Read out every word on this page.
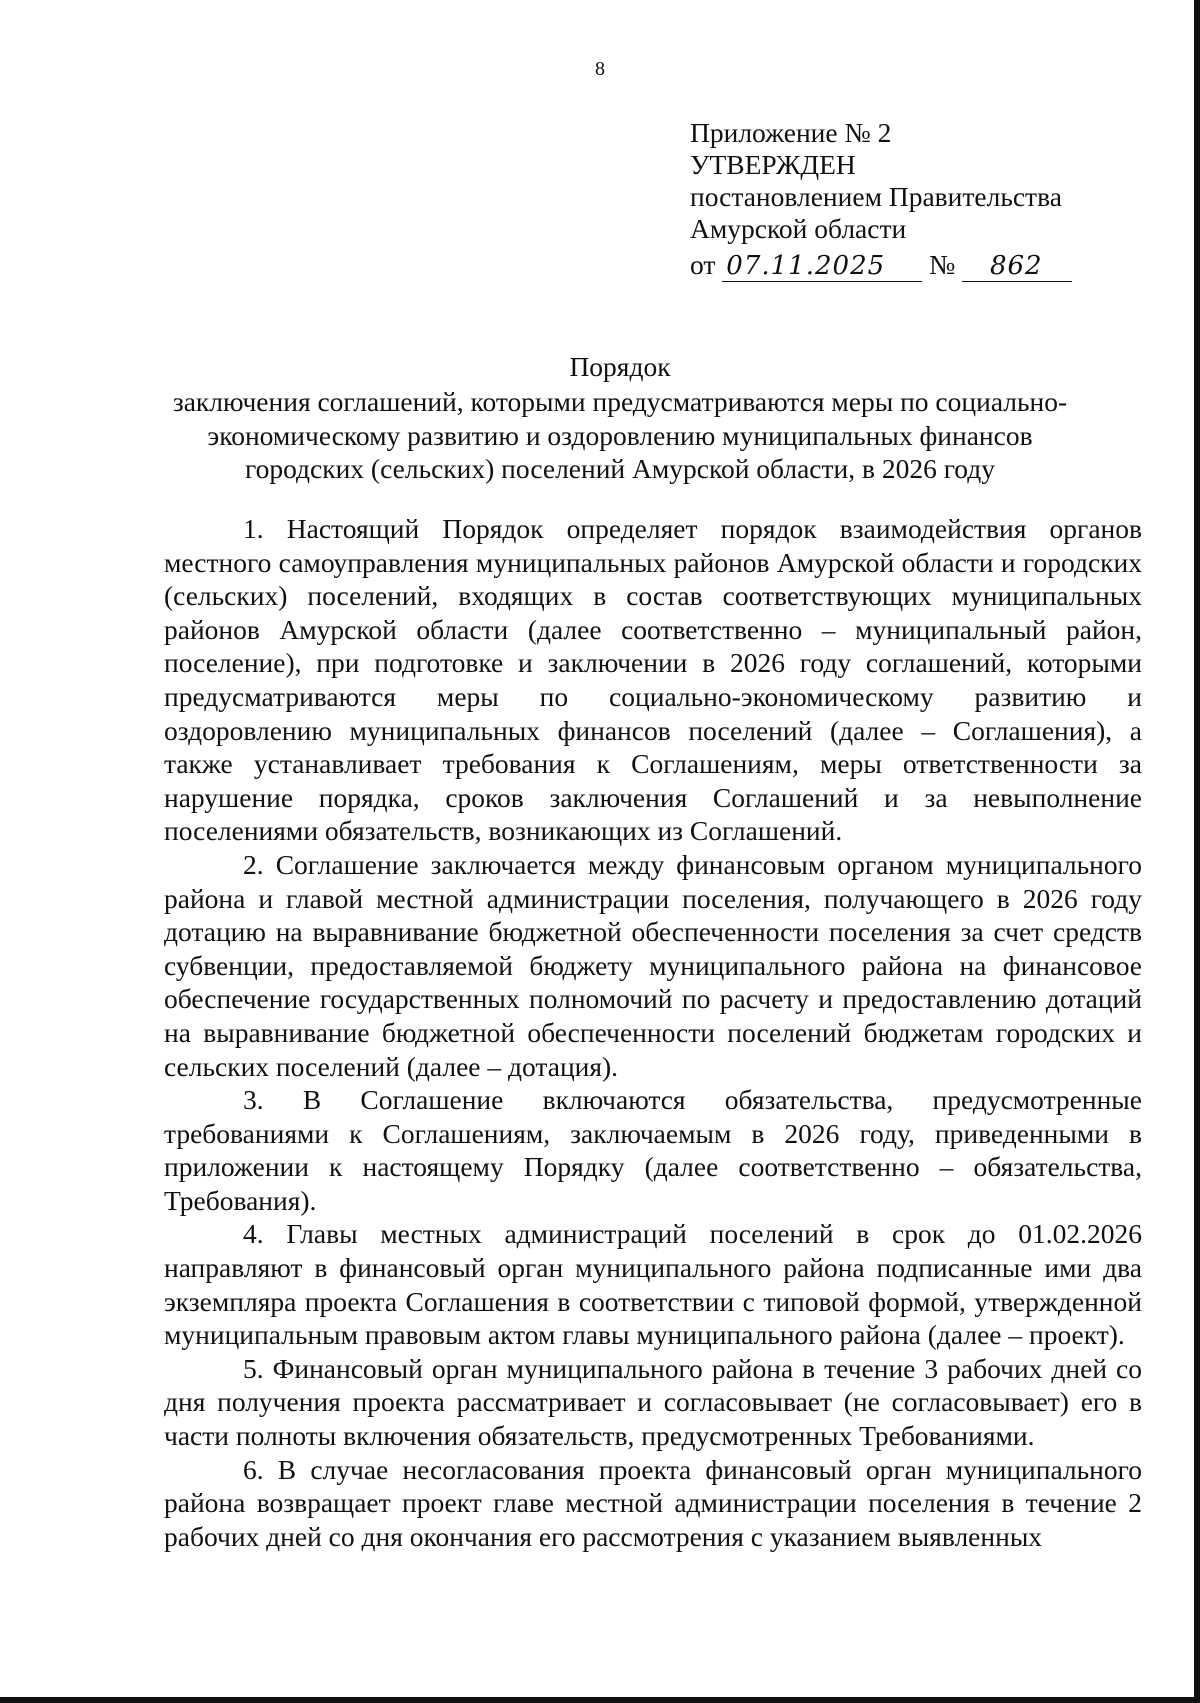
8
Приложение № 2
УТВЕРЖДЕН
постановлением Правительства
Амурской области
от 07.11.2025 № 862
Порядок
заключения соглашений, которыми предусматриваются меры по социально-экономическому развитию и оздоровлению муниципальных финансов городских (сельских) поселений Амурской области, в 2026 году

1. Настоящий Порядок определяет порядок взаимодействия органов местного самоуправления муниципальных районов Амурской области и городских (сельских) поселений, входящих в состав соответствующих муниципальных районов Амурской области (далее соответственно – муниципальный район, поселение), при подготовке и заключении в 2026 году соглашений, которыми предусматриваются меры по социально-экономическому развитию и оздоровлению муниципальных финансов поселений (далее – Соглашения), а также устанавливает требования к Соглашениям, меры ответственности за нарушение порядка, сроков заключения Соглашений и за невыполнение поселениями обязательств, возникающих из Соглашений.

2. Соглашение заключается между финансовым органом муниципального района и главой местной администрации поселения, получающего в 2026 году дотацию на выравнивание бюджетной обеспеченности поселения за счет средств субвенции, предоставляемой бюджету муниципального района на финансовое обеспечение государственных полномочий по расчету и предоставлению дотаций на выравнивание бюджетной обеспеченности поселений бюджетам городских и сельских поселений (далее – дотация).

3. В Соглашение включаются обязательства, предусмотренные требованиями к Соглашениям, заключаемым в 2026 году, приведенными в приложении к настоящему Порядку (далее соответственно – обязательства, Требования).

4. Главы местных администраций поселений в срок до 01.02.2026 направляют в финансовый орган муниципального района подписанные ими два экземпляра проекта Соглашения в соответствии с типовой формой, утвержденной муниципальным правовым актом главы муниципального района (далее – проект).

5. Финансовый орган муниципального района в течение 3 рабочих дней со дня получения проекта рассматривает и согласовывает (не согласовывает) его в части полноты включения обязательств, предусмотренных Требованиями.

6. В случае несогласования проекта финансовый орган муниципального района возвращает проект главе местной администрации поселения в течение 2 рабочих дней со дня окончания его рассмотрения с указанием выявленных
